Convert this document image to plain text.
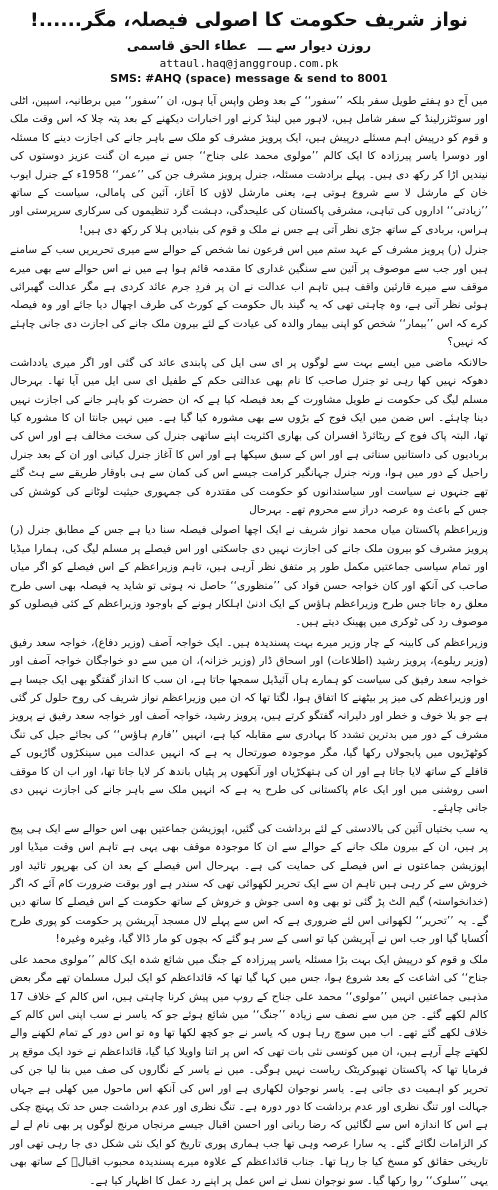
نواز شریف حکومت کا اصولی فیصلہ، مگر......!
روزن دیوار سے ـــ عطاء الحق قاسمی
attaul.haq@janggroup.com.pk
SMS: #AHQ (space) message & send to 8001

میں آج دو ہفتے طویل سفر بلکہ ’’سفور‘‘ کے بعد وطن واپس آیا ہوں، ان ’’سفور‘‘ میں برطانیہ، اسپین، اٹلی اور سوئٹزرلینڈ کے سفر شامل ہیں، لاہور میں لینڈ کرنے اور اخبارات دیکھنے کے بعد پتہ چلا کہ اس وقت ملک و قوم کو درپیش اہم مسئلے درپیش ہیں، ایک پرویز مشرف کو ملک سے باہر جانے کی اجازت دینے کا مسئلہ اور دوسرا یاسر پیرزادہ کا ایک کالم ’’مولوی محمد علی جناح‘‘ جس نے میرے ان گنت عزیز دوستوں کی نیندیں اڑا کر رکھ دی ہیں۔ پہلے برادشت مسئلہ، جنرل پرویز مشرف جن کی ’’عمر‘‘ 1958ء کے جنرل ایوب خان کے مارشل لا سے شروع ہوتی ہے، یعنی مارشل لاؤں کا آغاز، آئین کی پامالی، سیاست کے ساتھ ’’زیادتی‘‘ اداروں کی تباہی، مشرقی پاکستان کی علیحدگی، دہشت گرد تنظیموں کی سرکاری سرپرستی اور ہراس، بربادی کے ساتھ جڑی نظر آتی ہے جس نے ملک و قوم کی بنیادیں ہلا کر رکھ دی ہیں!

جنرل (ر) پرویز مشرف کے عہد ستم میں اس فرعون نما شخص کے حوالے سے میری تحریریں سب کے سامنے ہیں اور جب سے موصوف پر آئین سے سنگین غداری کا مقدمہ قائم ہوا ہے میں نے اس حوالے سے بھی میرے موقف سے میرے قارئین واقف ہیں تاہم اب عدالت نے ان پر فردِ جرم عائد کردی ہے مگر عدالت گھبرائی ہوئی نظر آتی ہے، وہ چاہتی تھی کہ یہ گیند بال حکومت کے کورٹ کی طرف اچھال دیا جائے اور وہ فیصلہ کرے کہ اس ’’بیمار‘‘ شخص کو اپنی بیمار والدہ کی عیادت کے لئے بیرون ملک جانے کی اجازت دی جانی چاہئے کہ نہیں؟

حالانکہ ماضی میں ایسے بہت سے لوگوں پر ای سی ایل کی پابندی عائد کی گئی اور اگر میری یادداشت دھوکہ نہیں کھا رہی تو جنرل صاحب کا نام بھی عدالتی حکم کے طفیل ای سی ایل میں آیا تھا۔ بہرحال مسلم لیگ کی حکومت نے طویل مشاورت کے بعد فیصلہ کیا ہے کہ ان حضرت کو باہر جانے کی اجازت نہیں دینا چاہئے۔ اس ضمن میں ایک فوج کے بڑوں سے بھی مشورہ کیا گیا ہے۔ میں نہیں جانتا ان کا مشورہ کیا تھا، البتہ پاک فوج کے ریٹائرڈ افسران کی بھاری اکثریت اپنے ساتھی جنرل کی سخت مخالف ہے اور اس کی بربادیوں کی داستانیں سناتی ہے اور اس کے سبق سیکھا ہے اور اس کا آغاز جنرل کیانی اور ان کے بعد جنرل راحیل کے دور میں ہوا، ورنہ جنرل جہانگیر کرامت جیسے اس کی کمان سے ہی باوقار طریقے سے ہٹ گئے تھے جنہوں نے سیاست اور سیاستدانوں کو حکومت کی مقتدرہ کی جمہوری حیثیت لوٹانے کی کوشش کی جس کے باعث وہ عرصہ دراز سے محروم تھے۔ بہرحال

وزیراعظم پاکستان میاں محمد نواز شریف نے ایک اچھا اصولی فیصلہ سنا دیا ہے جس کے مطابق جنرل (ر) پرویز مشرف کو بیرون ملک جانے کی اجازت نہیں دی جاسکتی اور اس فیصلے پر مسلم لیگ کی، ہمارا میڈیا اور تمام سیاسی جماعتیں مکمل طور پر متفق نظر آرہی ہیں، تاہم وزیراعظم کے اس فیصلے کو اگر میاں صاحب کی آنکھ اور کان خواجہ حسن فواد کی ’’منظوری‘‘ حاصل نہ ہوتی تو شاید یہ فیصلہ بھی اسی طرح معلق رہ جاتا جس طرح وزیراعظم ہاؤس کے ایک ادنیٰ اہلکار ہونے کے باوجود وزیراعظم کے کئی فیصلوں کو موصوف رد کی ٹوکری میں پھینک دیتے ہیں۔

وزیراعظم کی کابینہ کے چار وزیر میرے بہت پسندیدہ ہیں۔ ایک خواجہ آصف (وزیر دفاع)، خواجہ سعد رفیق (وزیر ریلوے)، پرویز رشید (اطلاعات) اور اسحاق ڈار (وزیر خزانہ)، ان میں سے دو خواجگان خواجہ آصف اور خواجہ سعد رفیق کی سیاست کو ہمارے ہاں آئیڈیل سمجھا جاتا ہے، ان سب کا انداز گفتگو بھی ایک جیسا ہے اور وزیراعظم کی میز پر بیٹھنے کا اتفاق ہوا، لگتا تھا کہ ان میں وزیراعظم نواز شریف کی روح حلول کر گئی ہے جو بلا خوف و خطر اور دلیرانہ گفتگو کرتے ہیں، پرویز رشید، خواجہ آصف اور خواجہ سعد رفیق نے پرویز مشرف کے دور میں بدترین تشدد کا بہادری سے مقابلہ کیا ہے، انہیں ’’فارم ہاؤس‘‘ کی بجائے جیل کی تنگ کوٹھڑیوں میں پابجولاں رکھا گیا، مگر موجودہ صورتحال یہ ہے کہ انہیں عدالت میں سینکڑوں گاڑیوں کے قافلے کے ساتھ لایا جاتا ہے اور ان کی ہتھکڑیاں اور آنکھوں پر پٹیاں باندھ کر لایا جاتا تھا، اور اب ان کا موقف اسی روشنی میں اور ایک عام پاکستانی کی طرح یہ ہے کہ انہیں ملک سے باہر جانے کی اجازت نہیں دی جانی چاہئے۔

یہ سب بختیاں آئین کی بالادستی کے لئے برداشت کی گئیں، اپوزیشن جماعتیں بھی اس حوالے سے ایک ہی پیج پر ہیں، ان کے بیرون ملک جانے کے حوالے سے ان کا موجودہ موقف بھی یہی ہے تاہم اس وقت میڈیا اور اپوزیشن جماعتوں نے اس فیصلے کی حمایت کی ہے۔ بہرحال اس فیصلے کے بعد ان کی بھرپور تائید اور خروش سے کر رہی ہیں تاہم ان سے ایک تحریر لکھوائی تھی کہ سندر ہے اور بوقت ضرورت کام آئے کہ اگر (خدانخواستہ) گیم الٹ پڑ گئی تو بھی وہ اسی جوش و خروش کے ساتھ حکومت کے اس فیصلے کا ساتھ دیں گے۔ یہ ’’تحریر‘‘ لکھوانی اس لئے ضروری ہے کہ اس سے پہلے لال مسجد آپریشن پر حکومت کو پوری طرح اُکسایا گیا اور جب اس نے آپریشن کیا تو اسی کے سر ہو گئے کہ بچوں کو مار ڈالا گیا، وغیرہ وغیرہ!

ملک و قوم کو درپیش ایک بہت بڑا مسئلہ یاسر پیرزادہ کے جنگ میں شائع شدہ ایک کالم ’’مولوی محمد علی جناح‘‘ کی اشاعت کے بعد شروع ہوا، جس میں کہا گیا تھا کہ قائداعظم کو ایک لبرل مسلمان تھے مگر بعض مذہبی جماعتیں انہیں ’’مولوی‘‘ محمد علی جناح کے روپ میں پیش کرنا چاہتی ہیں، اس کالم کے خلاف 17 کالم لکھے گئے۔ جن میں سے نصف سے زیادہ ’’جنگ‘‘ میں شائع ہوئے جو کہ یاسر نے سب اپنی اس کالم کے خلاف لکھے گئے تھے۔ اب میں سوچ رہا ہوں کہ یاسر نے جو کچھ لکھا تھا وہ تو اس دور کے تمام لکھنے والے لکھتے چلے آرہے ہیں، ان میں کونسی نئی بات تھی کہ اس پر اتنا واویلا کیا گیا، قائداعظم نے خود ایک موقع پر فرمایا تھا کہ پاکستان تھیوکریٹک ریاست نہیں ہوگی۔ میں نے یاسر کے نگاروں کی صف میں بنا لیا جن کی تحریر کو اہمیت دی جاتی ہے۔ یاسر نوجوان لکھاری ہے اور اس کی آنکھ اس ماحول میں کھلی ہے جہاں جہالت اور تنگ نظری اور عدم برداشت کا دور دورہ ہے۔ تنگ نظری اور عدم برداشت جس حد تک پہنچ چکی ہے اس کا اندازہ اس سے لگائیں کہ رضا ربانی اور احسن اقبال جیسے مرنجاں مرنج لوگوں پر بھی نام لے لے کر الزامات لگائے گئے۔ یہ سارا عرصہ وہی تھا جب ہماری پوری تاریخ کو ایک نئی شکل دی جا رہی تھی اور تاریخی حقائق کو مسخ کیا جا رہا تھا۔ جناب قائداعظم کے علاوہ میرے پسندیدہ محبوب اقبالؒ کے ساتھ بھی یہی ’’سلوک‘‘ روا رکھا گیا۔ سو نوجوان نسل نے اس عمل پر اپنے رد عمل کا اظہار کیا ہے۔
